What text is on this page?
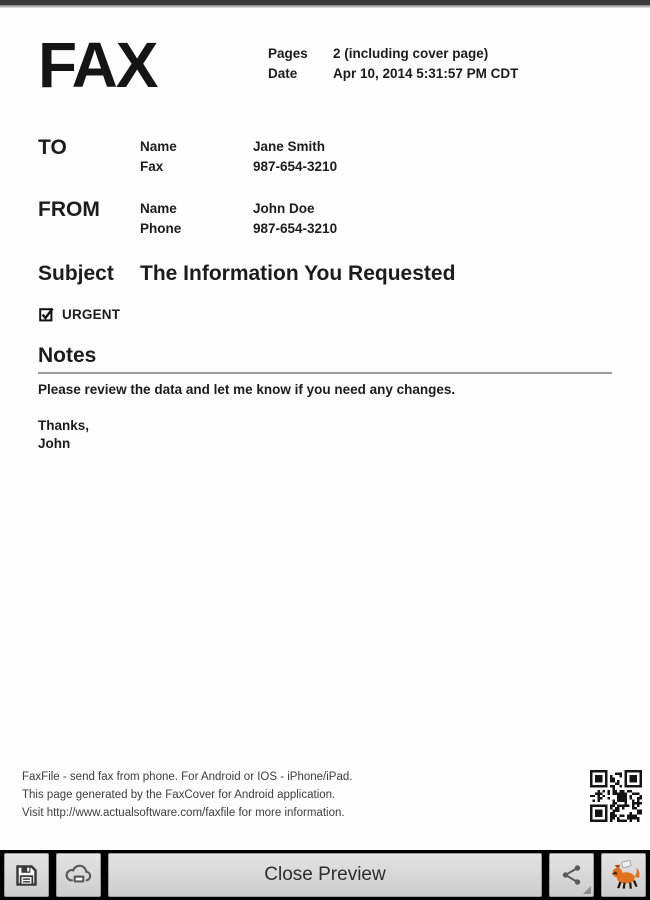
FAX	Pages	2 (including cover page)
Date	Apr 10, 2014 5:31:57 PM CDT
TO	Name	Jane Smith
Fax	987-654-3210
FROM	Name	John Doe
Phone	987-654-3210
Subject	The Information You Requested
URGENT
Notes
Please review the data and let me know if you need any changes.
Thanks,
John
FaxFile - send fax from phone. For Android or IOS - iPhone/iPad.
This page generated by the FaxCover for Android application.
Visit http://www.actualsoftware.com/faxfile for more information.
Close Preview
